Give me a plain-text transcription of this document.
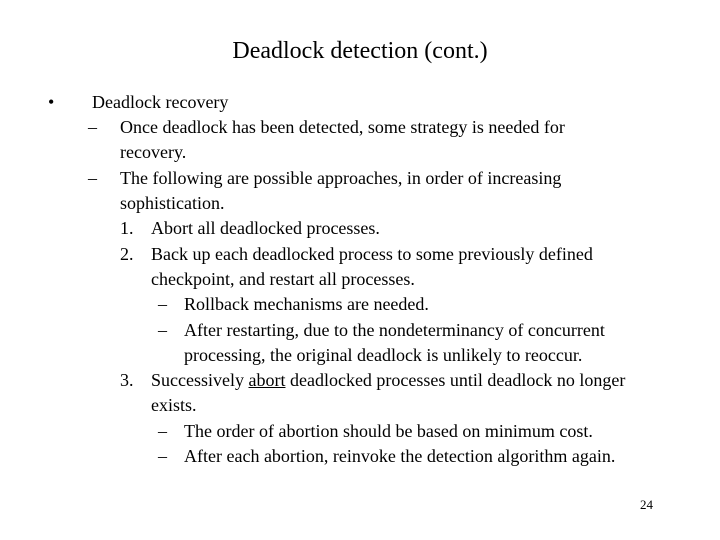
Deadlock detection (cont.)
• Deadlock recovery
– Once deadlock has been detected, some strategy is needed for
recovery.
– The following are possible approaches, in order of increasing
sophistication.
1. Abort all deadlocked processes.
2. Back up each deadlocked process to some previously defined
checkpoint, and restart all processes.
– Rollback mechanisms are needed.
– After restarting, due to the nondeterminancy of concurrent
processing, the original deadlock is unlikely to reoccur.
3. Successively abort deadlocked processes until deadlock no longer
exists.
– The order of abortion should be based on minimum cost.
– After each abortion, reinvoke the detection algorithm again.
24
